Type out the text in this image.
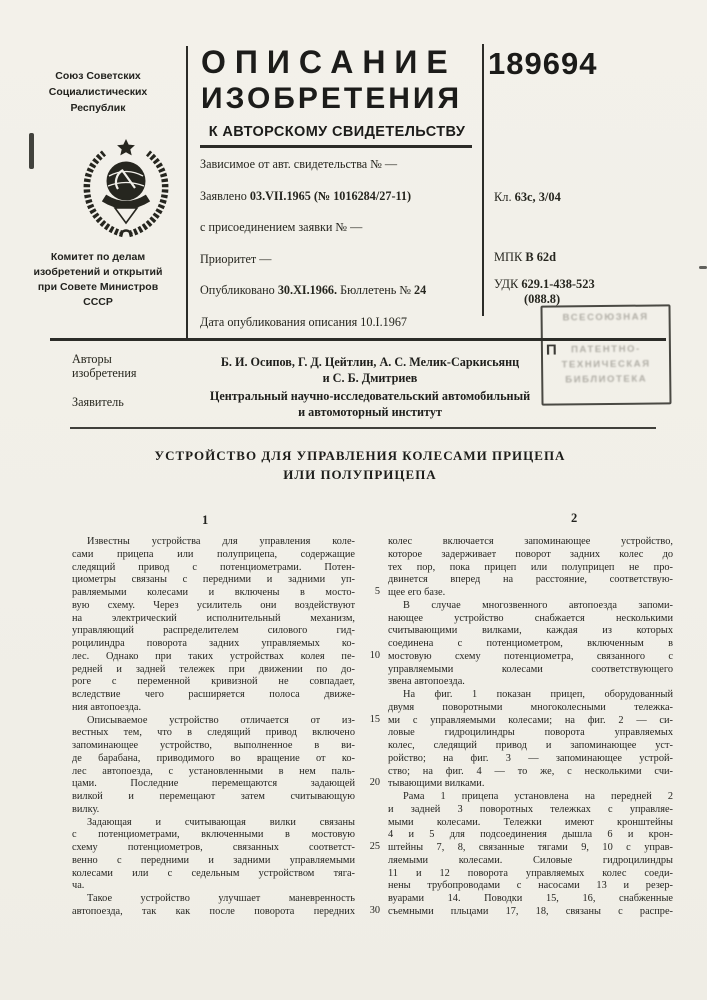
Союз Советских
Социалистических
Республик
Комитет по делам
изобретений и открытий
при Совете Министров
СССР
ОПИСАНИЕ
ИЗОБРЕТЕНИЯ
К АВТОРСКОМУ СВИДЕТЕЛЬСТВУ
Зависимое от авт. свидетельства № —
Заявлено 03.VII.1965 (№ 1016284/27-11)
с присоединением заявки № —
Приоритет —
Опубликовано 30.XI.1966. Бюллетень № 24
Дата опубликования описания 10.I.1967
189694
Кл. 63c, 3/04
МПК В 62d
УДК 629.1-438-523
(088.8)
ВСЕСОЮЗНАЯ
П	ПАТЕНТНО-
ТЕХНИЧЕСКАЯ
БИБЛИОТЕКА
Авторы
изобретения
Заявитель
Б. И. Осипов, Г. Д. Цейтлин, А. С. Мелик-Саркисьянц
и С. Б. Дмитриев
Центральный научно-исследовательский автомобильный
и автомоторный институт
УСТРОЙСТВО ДЛЯ УПРАВЛЕНИЯ КОЛЕСАМИ ПРИЦЕПА
ИЛИ ПОЛУПРИЦЕПА
1	2
Известны устройства для управления коле-
сами прицепа или полуприцепа, содержащие
следящий привод с потенциометрами. Потен-
циометры связаны с передними и задними уп-
равляемыми колесами и включены в мосто-
вую схему. Через усилитель они воздействуют
на электрический исполнительный механизм,
управляющий распределителем силового гид-
роцилиндра поворота задних управляемых ко-
лес. Однако при таких устройствах колея пе-
редней и задней тележек при движении по до-
роге с переменной кривизной не совпадает,
вследствие чего расширяется полоса движе-
ния автопоезда.
Описываемое устройство отличается от из-
вестных тем, что в следящий привод включено
запоминающее устройство, выполненное в ви-
де барабана, приводимого во вращение от ко-
лес автопоезда, с установленными в нем паль-
цами. Последние перемещаются задающей
вилкой и перемещают затем считывающую
вилку.
Задающая и считывающая вилки связаны
с потенциометрами, включенными в мостовую
схему потенциометров, связанных соответст-
венно с передними и задними управляемыми
колесами или с седельным устройством тяга-
ча.
Такое устройство улучшает маневренность
автопоезда, так как после поворота передних
колес включается запоминающее устройство,
которое задерживает поворот задних колес до
тех пор, пока прицеп или полуприцеп не про-
двинется вперед на расстояние, соответствую-
щее его базе.
В случае многозвенного автопоезда запоми-
нающее устройство снабжается несколькими
считывающими вилками, каждая из которых
соединена с потенциометром, включенным в
мостовую схему потенциометра, связанного с
управляемыми колесами соответствующего
звена автопоезда.
На фиг. 1 показан прицеп, оборудованный
двумя поворотными многоколесными тележка-
ми с управляемыми колесами; на фиг. 2 — си-
ловые гидроцилиндры поворота управляемых
колес, следящий привод и запоминающее уст-
ройство; на фиг. 3 — запоминающее устрой-
ство; на фиг. 4 — то же, с несколькими счи-
тывающими вилками.
Рама 1 прицепа установлена на передней 2
и задней 3 поворотных тележках с управляе-
мыми колесами. Тележки имеют кронштейны
4 и 5 для подсоединения дышла 6 и крон-
штейны 7, 8, связанные тягами 9, 10 с управ-
ляемыми колесами. Силовые гидроцилиндры
11 и 12 поворота управляемых колес соеди-
нены трубопроводами с насосами 13 и резер-
вуарами 14. Поводки 15, 16, снабженные
съемными пльцами 17, 18, связаны с распре-
5
10
15
20
25
30
